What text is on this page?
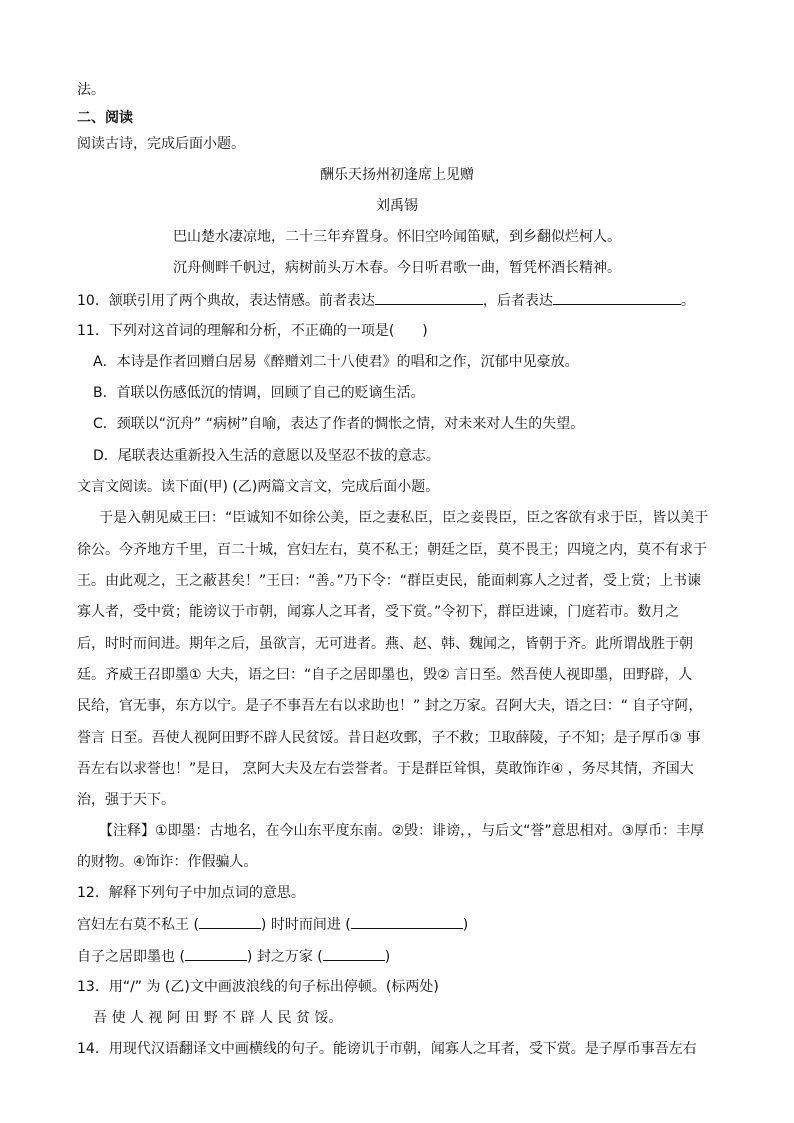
法。
二、阅读
阅读古诗，完成后面小题。
酬乐天扬州初逢席上见赠
刘禹锡
巴山楚水凄凉地，二十三年弃置身。怀旧空吟闻笛赋，到乡翻似烂柯人。
沉舟侧畔千帆过，病树前头万木春。今日听君歌一曲，暂凭杯酒长精神。
10．颔联引用了两个典故，表达情感。前者表达	，后者表达	。
11．下列对这首词的理解和分析，不正确的一项是(　　)
A．本诗是作者回赠白居易《醉赠刘二十八使君》的唱和之作，沉郁中见豪放。
B．首联以伤感低沉的情调，回顾了自己的贬谪生活。
C．颈联以“沉舟” “病树”自喻，表达了作者的惆怅之情，对未来对人生的失望。
D．尾联表达重新投入生活的意愿以及坚忍不拔的意志。
文言文阅读。读下面(甲) (乙)两篇文言文，完成后面小题。
于是入朝见威王曰：“臣诚知不如徐公美，臣之妻私臣，臣之妾畏臣，臣之客欲有求于臣，皆以美于
徐公。今齐地方千里，百二十城，宫妇左右，莫不私王；朝廷之臣，莫不畏王；四境之内，莫不有求于
王。由此观之，王之蔽甚矣！”王曰：“善。”乃下令：“群臣吏民，能面刺寡人之过者，受上赏；上书谏
寡人者，受中赏；能谤议于市朝，闻寡人之耳者，受下赏。”令初下，群臣进谏，门庭若市。数月之
后，时时而间进。期年之后，虽欲言，无可进者。燕、赵、韩、魏闻之，皆朝于齐。此所谓战胜于朝
廷。齐威王召即墨① 大夫，语之曰：“自子之居即墨也，毁② 言日至。然吾使人视即墨，田野辟，人
民给，官无事，东方以宁。是子不事吾左右以求助也！” 封之万家。召阿大夫，语之曰：“ 自子守阿，
誉言 日至。吾使人视阿田野不辟人民贫馁。昔日赵攻鄄，子不救；卫取薛陵，子不知；是子厚币③ 事
吾左右以求誉也！”是日， 烹阿大夫及左右尝誉者。于是群臣耸惧，莫敢饰诈④ ，务尽其情，齐国大
治，强于天下。
【注释】①即墨：古地名，在今山东平度东南。②毁：诽谤，，与后文“誉”意思相对。③厚币：丰厚
的财物。④饰诈：作假骗人。
12．解释下列句子中加点词的意思。
宫妇左右莫不私王 (	) 时时而间进 (	)
自子之居即墨也 (	) 封之万家 (	)
13．用“/” 为 (乙)文中画波浪线的句子标出停顿。(标两处)
吾 使 人 视 阿 田 野 不 辟 人 民 贫 馁。
14．用现代汉语翻译文中画横线的句子。能谤讥于市朝，闻寡人之耳者，受下赏。是子厚币事吾左右
